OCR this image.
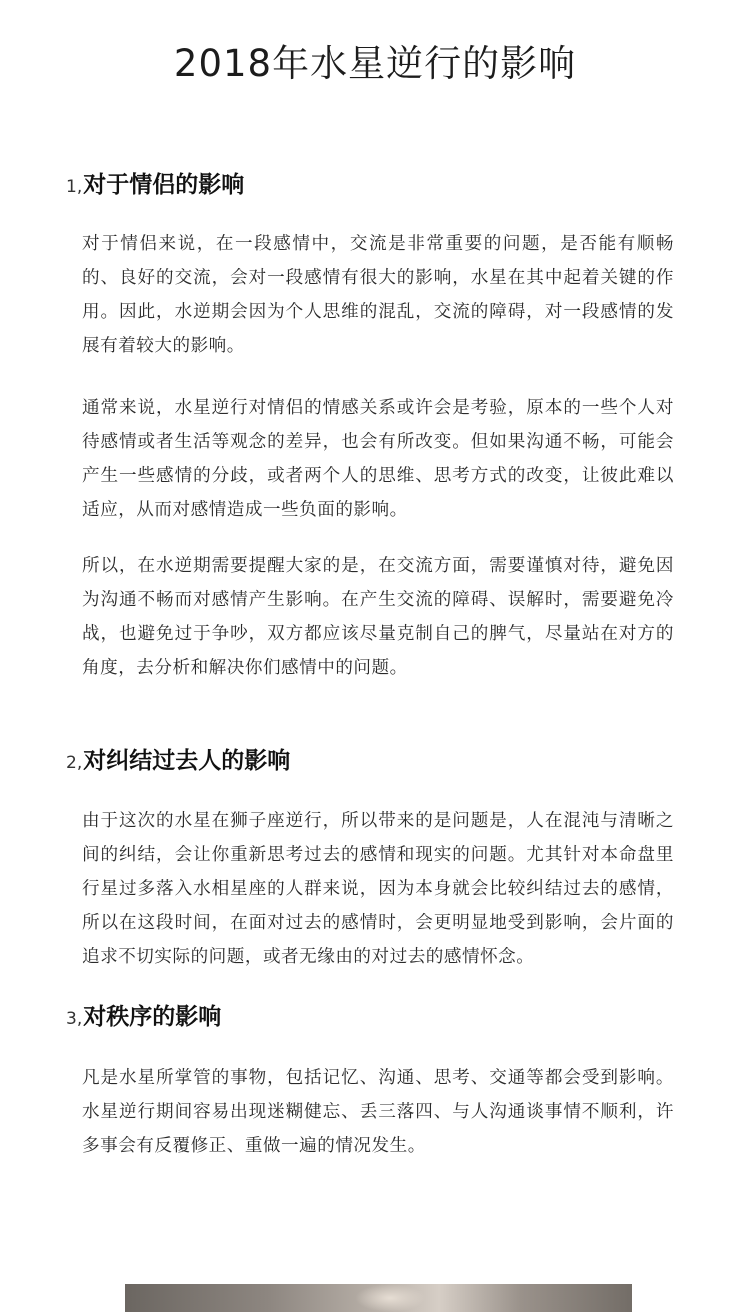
2018年水星逆行的影响
1, 对于情侣的影响

对于情侣来说，在一段感情中，交流是非常重要的问题，是否能有顺畅的、良好的交流，会对一段感情有很大的影响，水星在其中起着关键的作用。因此，水逆期会因为个人思维的混乱，交流的障碍，对一段感情的发展有着较大的影响。

通常来说，水星逆行对情侣的情感关系或许会是考验，原本的一些个人对待感情或者生活等观念的差异，也会有所改变。但如果沟通不畅，可能会产生一些感情的分歧，或者两个人的思维、思考方式的改变，让彼此难以适应，从而对感情造成一些负面的影响。

所以，在水逆期需要提醒大家的是，在交流方面，需要谨慎对待，避免因为沟通不畅而对感情产生影响。在产生交流的障碍、误解时，需要避免冷战，也避免过于争吵，双方都应该尽量克制自己的脾气，尽量站在对方的角度，去分析和解决你们感情中的问题。

2, 对纠结过去人的影响

由于这次的水星在狮子座逆行，所以带来的是问题是，人在混沌与清晰之间的纠结，会让你重新思考过去的感情和现实的问题。尤其针对本命盘里行星过多落入水相星座的人群来说，因为本身就会比较纠结过去的感情，所以在这段时间，在面对过去的感情时，会更明显地受到影响，会片面的追求不切实际的问题，或者无缘由的对过去的感情怀念。

3, 对秩序的影响

凡是水星所掌管的事物，包括记忆、沟通、思考、交通等都会受到影响。水星逆行期间容易出现迷糊健忘、丢三落四、与人沟通谈事情不顺利，许多事会有反覆修正、重做一遍的情况发生。
